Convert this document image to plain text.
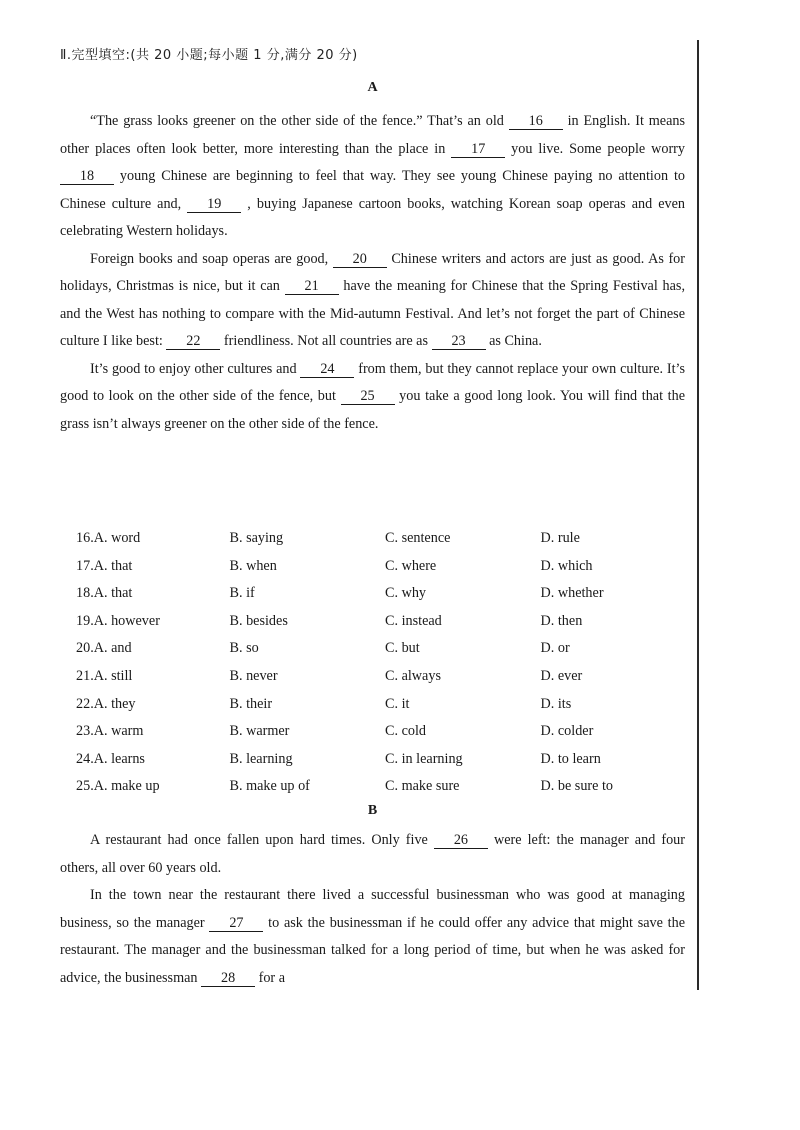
Ⅱ.完型填空:(共 20 小题;每小题 1 分,满分 20 分)
A

“The grass looks greener on the other side of the fence.” That’s an old 16 in English. It means other places often look better, more interesting than the place in 17 you live. Some people worry 18 young Chinese are beginning to feel that way. They see young Chinese paying no attention to Chinese culture and, 19 , buying Japanese cartoon books, watching Korean soap operas and even celebrating Western holidays.

Foreign books and soap operas are good, 20 Chinese writers and actors are just as good. As for holidays, Christmas is nice, but it can 21 have the meaning for Chinese that the Spring Festival has, and the West has nothing to compare with the Mid-autumn Festival. And let’s not forget the part of Chinese culture I like best: 22 friendliness. Not all countries are as 23 as China.

It’s good to enjoy other cultures and 24 from them, but they cannot replace your own culture. It’s good to look on the other side of the fence, but 25 you take a good long look. You will find that the grass isn’t always greener on the other side of the fence.

16.A. word	B. saying	C. sentence	D. rule
17.A. that	B. when	C. where	D. which
18.A. that	B. if	C. why	D. whether
19.A. however	B. besides	C. instead	D. then
20.A. and	B. so	C. but	D. or
21.A. still	B. never	C. always	D. ever
22.A. they	B. their	C. it	D. its
23.A. warm	B. warmer	C. cold	D. colder
24.A. learns	B. learning	C. in learning	D. to learn
25.A. make up	B. make up of	C. make sure	D. be sure to
B

A restaurant had once fallen upon hard times. Only five 26 were left: the manager and four others, all over 60 years old.

In the town near the restaurant there lived a successful businessman who was good at managing business, so the manager 27 to ask the businessman if he could offer any advice that might save the restaurant. The manager and the businessman talked for a long period of time, but when he was asked for advice, the businessman 28 for a
